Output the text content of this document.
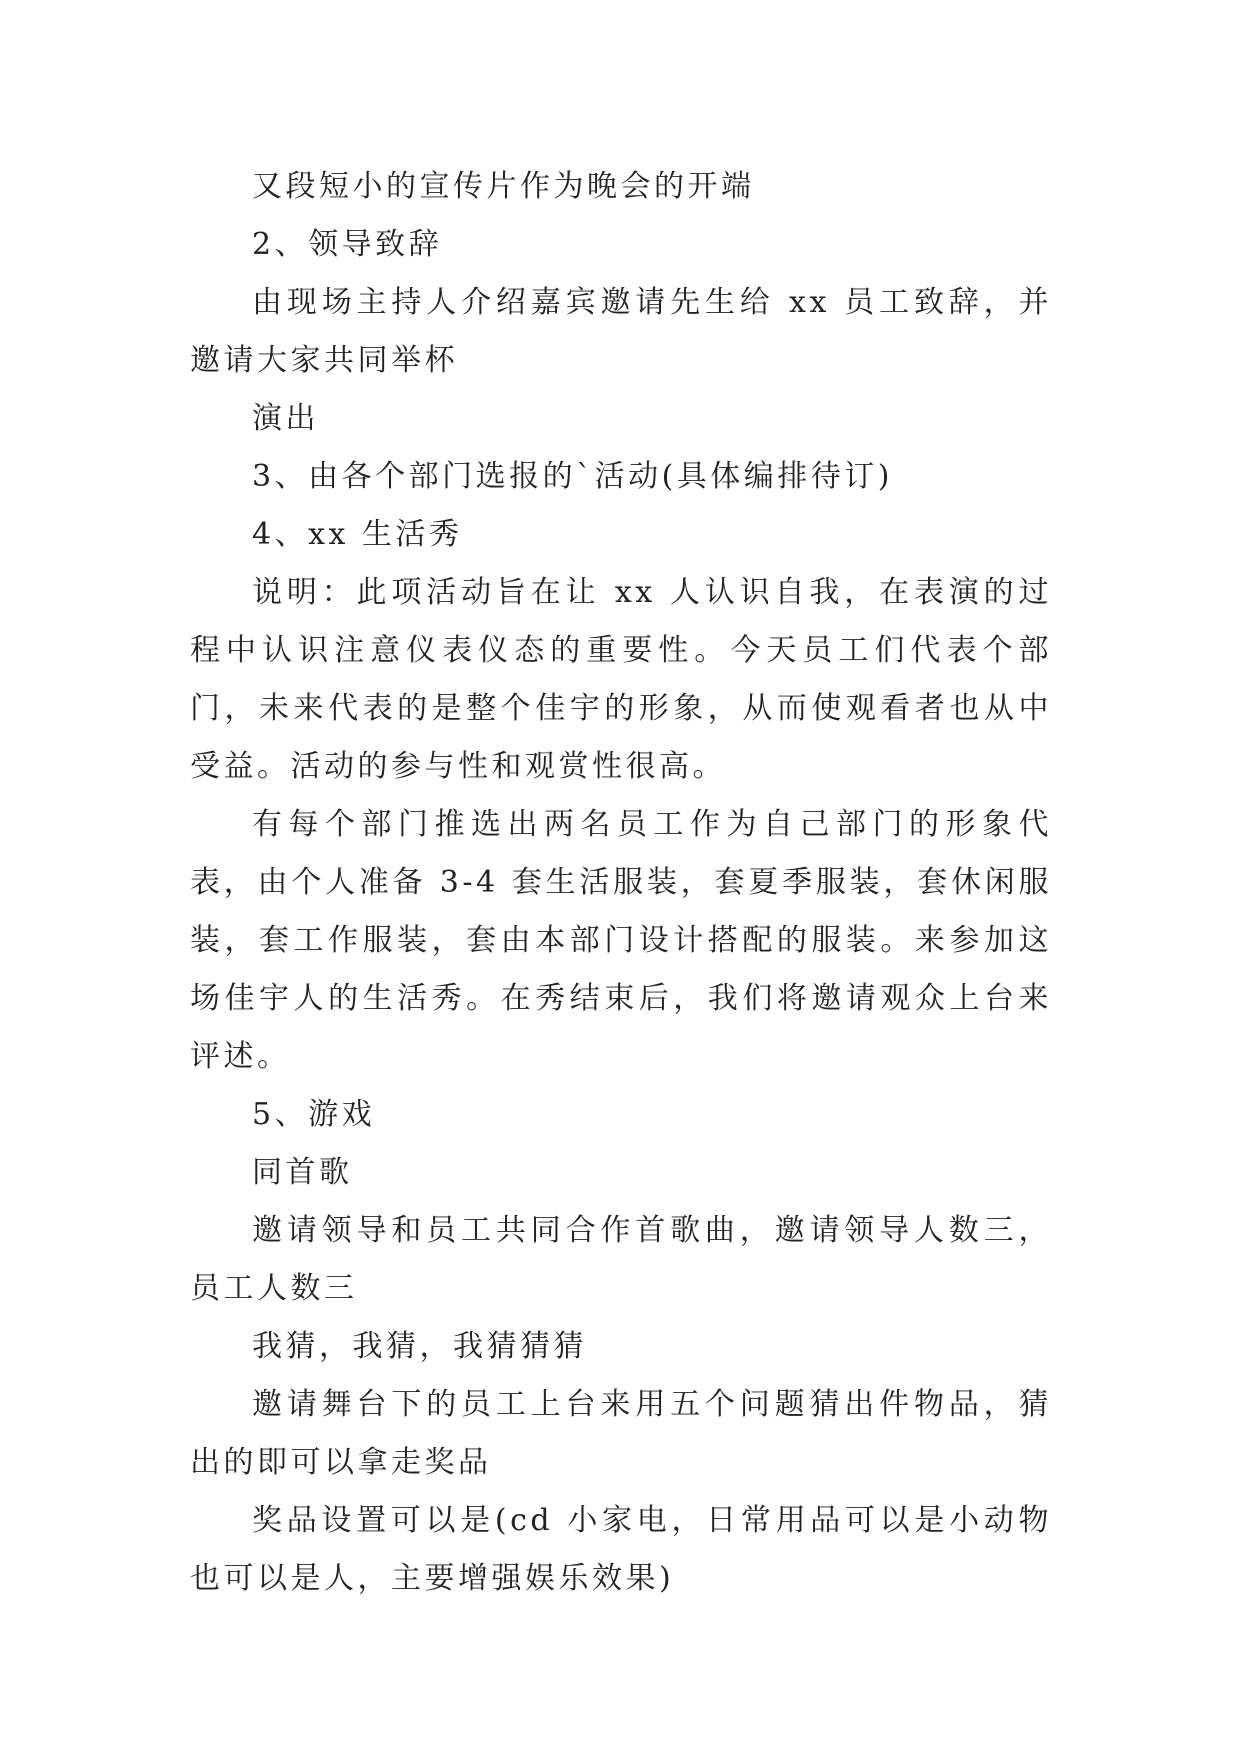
又段短小的宣传片作为晚会的开端

2、领导致辞

由现场主持人介绍嘉宾邀请先生给 xx 员工致辞，并邀请大家共同举杯

演出

3、由各个部门选报的`活动(具体编排待订)

4、xx 生活秀

说明：此项活动旨在让 xx 人认识自我，在表演的过程中认识注意仪表仪态的重要性。今天员工们代表个部门，未来代表的是整个佳宇的形象，从而使观看者也从中受益。活动的参与性和观赏性很高。

有每个部门推选出两名员工作为自己部门的形象代表，由个人准备 3-4 套生活服装，套夏季服装，套休闲服装，套工作服装，套由本部门设计搭配的服装。来参加这场佳宇人的生活秀。在秀结束后，我们将邀请观众上台来评述。

5、游戏

同首歌

邀请领导和员工共同合作首歌曲，邀请领导人数三，员工人数三

我猜，我猜，我猜猜猜

邀请舞台下的员工上台来用五个问题猜出件物品，猜出的即可以拿走奖品

奖品设置可以是(cd 小家电，日常用品可以是小动物也可以是人，主要增强娱乐效果)
